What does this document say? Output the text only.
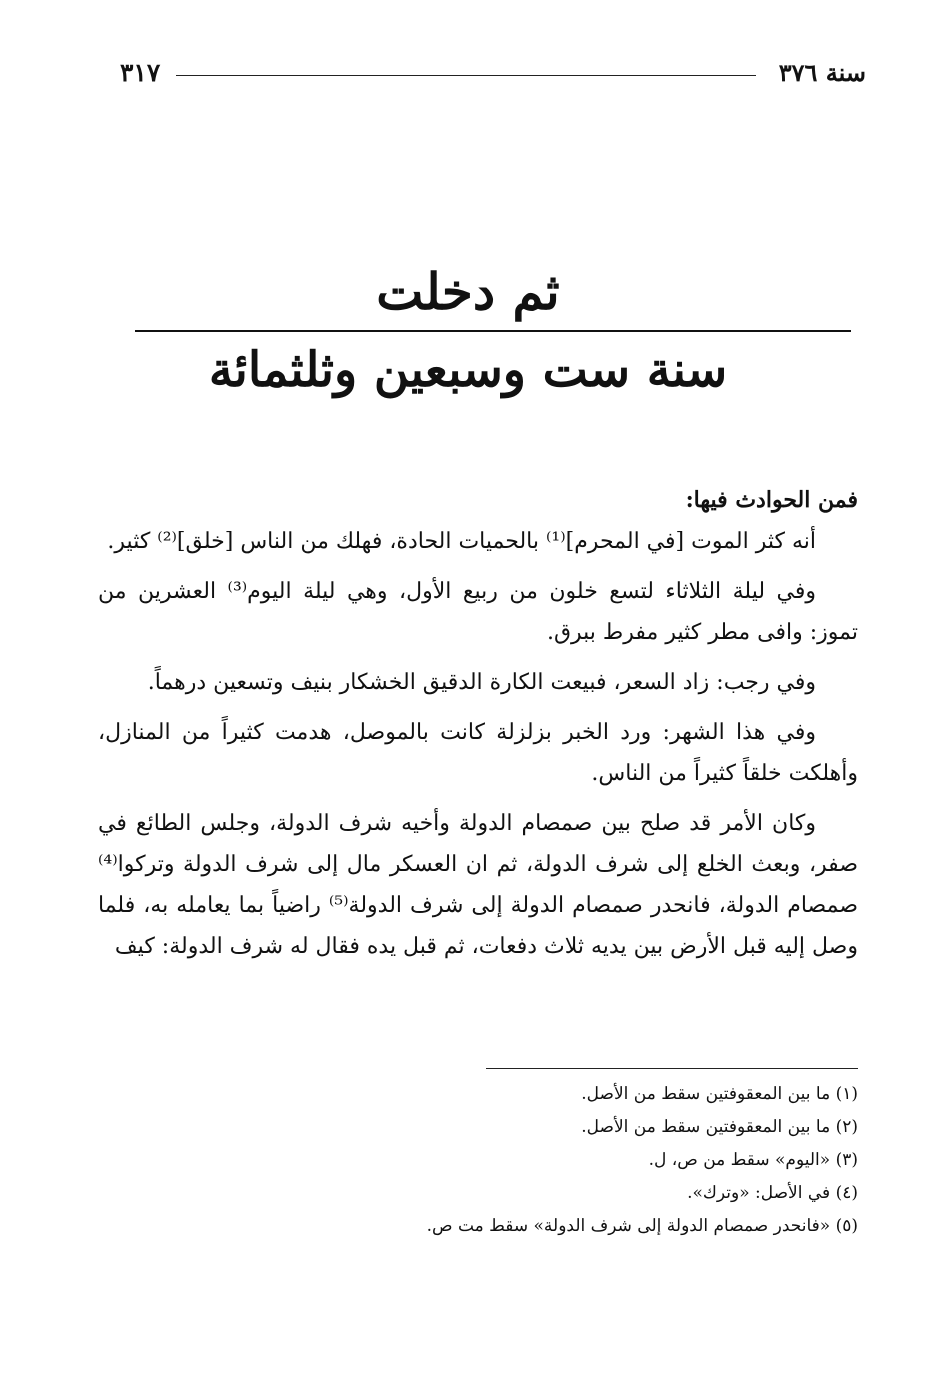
سنة ٣٧٦
٣١٧
ثم دخلت
سنة ست وسبعين وثلثمائة

فمن الحوادث فيها:

أنه كثر الموت [في المحرم]⁽¹⁾ بالحميات الحادة، فهلك من الناس [خلق]⁽²⁾ كثير.

وفي ليلة الثلاثاء لتسع خلون من ربيع الأول، وهي ليلة اليوم⁽³⁾ العشرين من تموز: وافى مطر كثير مفرط ببرق.

وفي رجب: زاد السعر، فبيعت الكارة الدقيق الخشكار بنيف وتسعين درهماً.

وفي هذا الشهر: ورد الخبر بزلزلة كانت بالموصل، هدمت كثيراً من المنازل، وأهلكت خلقاً كثيراً من الناس.

وكان الأمر قد صلح بين صمصام الدولة وأخيه شرف الدولة، وجلس الطائع في صفر، وبعث الخلع إلى شرف الدولة، ثم ان العسكر مال إلى شرف الدولة وتركوا⁽⁴⁾ صمصام الدولة، فانحدر صمصام الدولة إلى شرف الدولة⁽⁵⁾ راضياً بما يعامله به، فلما وصل إليه قبل الأرض بين يديه ثلاث دفعات، ثم قبل يده فقال له شرف الدولة: كيف

(١) ما بين المعقوفتين سقط من الأصل.
(٢) ما بين المعقوفتين سقط من الأصل.
(٣) «اليوم» سقط من ص، ل.
(٤) في الأصل: «وترك».
(٥) «فانحدر صمصام الدولة إلى شرف الدولة» سقط مت ص.
